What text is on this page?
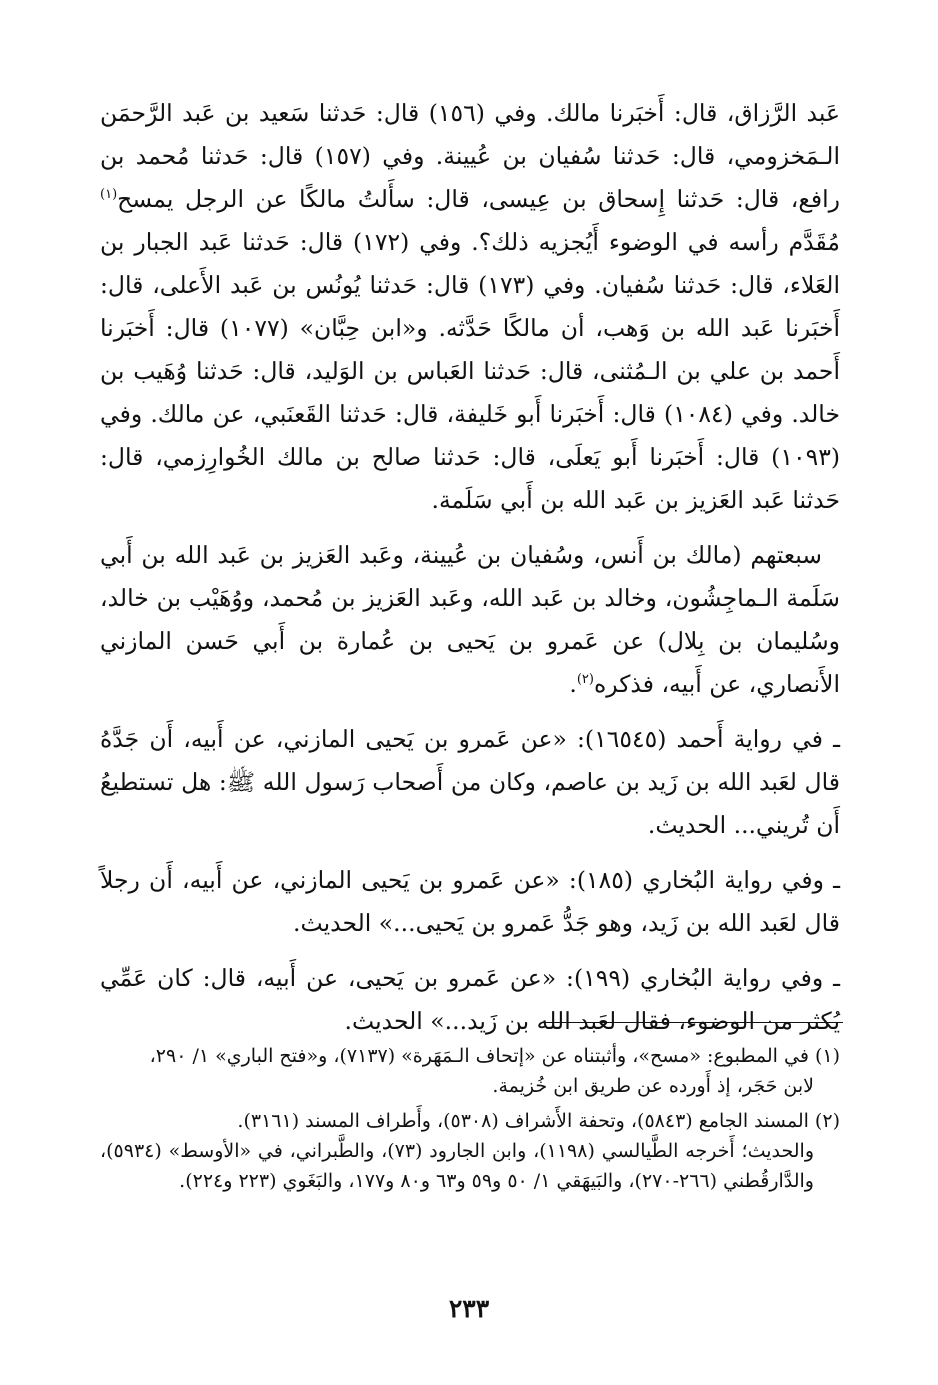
عَبد الرَّزاق، قال: أَخبَرنا مالك. وفي (١٥٦) قال: حَدثنا سَعيد بن عَبد الرَّحمَن الـمَخزومي، قال: حَدثنا سُفيان بن عُيينة. وفي (١٥٧) قال: حَدثنا مُحمد بن رافع، قال: حَدثنا إِسحاق بن عِيسى، قال: سأَلتُ مالكًا عن الرجل يمسح$^{(١)}$ مُقَدَّم رأسه في الوضوء أَيُجزيه ذلك؟. وفي (١٧٢) قال: حَدثنا عَبد الجبار بن العَلاء، قال: حَدثنا سُفيان. وفي (١٧٣) قال: حَدثنا يُونُس بن عَبد الأَعلى، قال: أَخبَرنا عَبد الله بن وَهب، أن مالكًا حَدَّثه. و«ابن حِبَّان» (١٠٧٧) قال: أَخبَرنا أَحمد بن علي بن الـمُثنى، قال: حَدثنا العَباس بن الوَليد، قال: حَدثنا وُهَيب بن خالد. وفي (١٠٨٤) قال: أَخبَرنا أَبو خَليفة، قال: حَدثنا القَعنَبي، عن مالك. وفي (١٠٩٣) قال: أَخبَرنا أَبو يَعلَى، قال: حَدثنا صالح بن مالك الخُوارِزمي، قال: حَدثنا عَبد العَزيز بن عَبد الله بن أَبي سَلَمة.

سبعتهم (مالك بن أَنس، وسُفيان بن عُيينة، وعَبد العَزيز بن عَبد الله بن أَبي سَلَمة الـماجِشُون، وخالد بن عَبد الله، وعَبد العَزيز بن مُحمد، ووُهَيْب بن خالد، وسُليمان بن بِلال) عن عَمرو بن يَحيى بن عُمارة بن أَبي حَسن المازني الأَنصاري، عن أَبيه، فذكره$^{(٢)}$.

ـ في رواية أَحمد (١٦٥٤٥): «عن عَمرو بن يَحيى المازني، عن أَبيه، أَن جَدَّهُ قال لعَبد الله بن زَيد بن عاصم، وكان من أَصحاب رَسول الله ﷺ: هل تستطيعُ أَن تُريني... الحديث.

ـ وفي رواية البُخاري (١٨٥): «عن عَمرو بن يَحيى المازني، عن أَبيه، أَن رجلاً قال لعَبد الله بن زَيد، وهو جَدُّ عَمرو بن يَحيى...» الحديث.

ـ وفي رواية البُخاري (١٩٩): «عن عَمرو بن يَحيى، عن أَبيه، قال: كان عَمِّي يُكثر من الوضوء، فقال لعَبد الله بن زَيد...» الحديث.

(١) في المطبوع: «مسح»، وأثبتناه عن «إتحاف الـمَهَرة» (٧١٣٧)، و«فتح الباري» ١/ ٢٩٠،

لابن حَجَر، إذ أَورده عن طريق ابن خُزيمة.

(٢) المسند الجامع (٥٨٤٣)، وتحفة الأَشراف (٥٣٠٨)، وأَطراف المسند (٣١٦١).

والحديث؛ أَخرجه الطَّيالسي (١١٩٨)، وابن الجارود (٧٣)، والطَّبراني، في «الأوسط» (٥٩٣٤)، والدَّارقُطني (٢٦٦-٢٧٠)، والبَيهَقي ١/ ٥٠ و٥٩ و٦٣ و٨٠ و١٧٧، والبَغَوي (٢٢٣ و٢٢٤).

٢٣٣
